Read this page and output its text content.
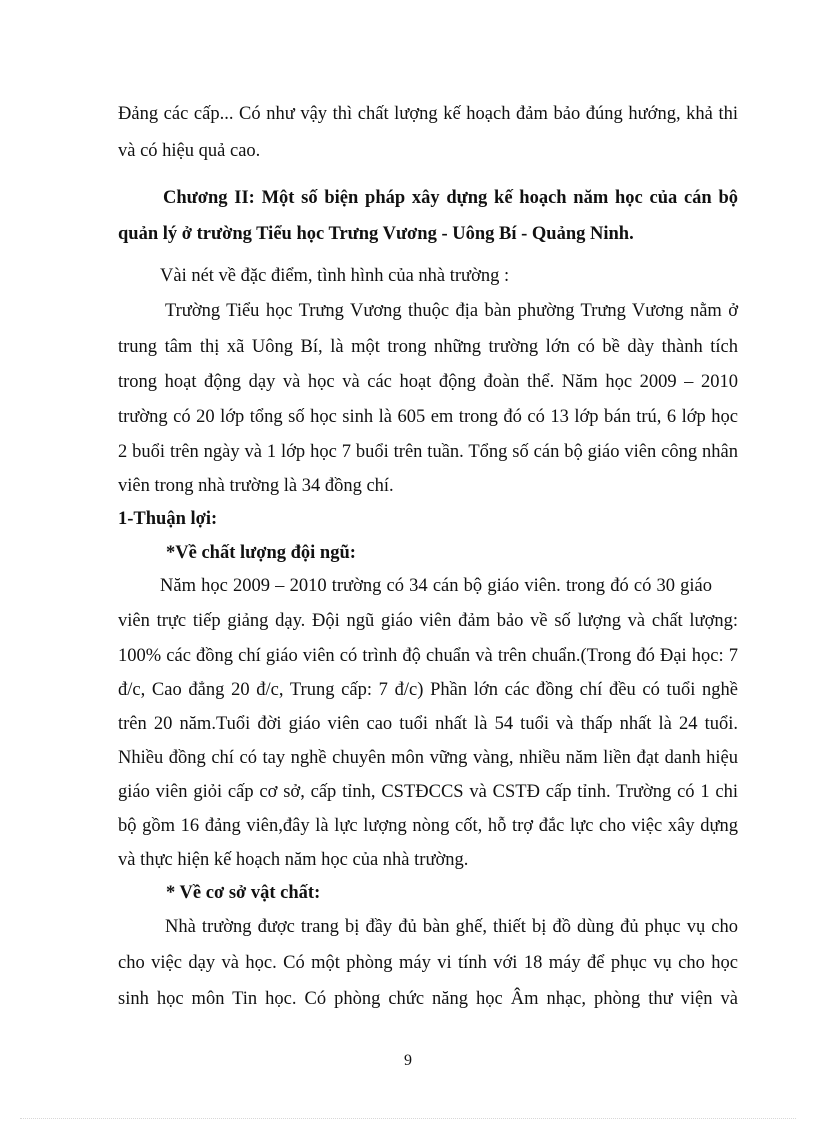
Đảng các cấp... Có như vậy thì chất lượng kế hoạch đảm bảo đúng hướng, khả thi
và có hiệu quả cao.
Chương II: Một số biện pháp xây dựng kế hoạch năm học của cán bộ
quản lý ở trường Tiểu học Trưng Vương - Uông Bí - Quảng Ninh.
Vài nét về đặc điểm, tình hình của nhà trường :
Trường Tiểu học Trưng Vương thuộc địa bàn phường Trưng Vương nằm ở
trung tâm thị xã Uông Bí, là một trong những trường lớn có bề dày thành tích
trong hoạt động dạy và học và các hoạt động đoàn thể. Năm học 2009 – 2010
trường có 20 lớp tổng số học sinh là 605 em trong đó có 13 lớp bán trú, 6 lớp học
2 buổi trên ngày và 1 lớp học 7 buổi trên tuần. Tổng số cán bộ giáo viên công nhân
viên trong nhà trường là 34 đồng chí.
1-Thuận lợi:
*Về chất lượng đội ngũ:
Năm học 2009 – 2010 trường có 34 cán bộ giáo viên. trong đó có 30 giáo
viên trực tiếp giảng dạy. Đội ngũ giáo viên đảm bảo về số lượng và chất lượng:
100% các đồng chí giáo viên có trình độ chuẩn và trên chuẩn.(Trong đó Đại học: 7
đ/c, Cao đẳng 20 đ/c, Trung cấp: 7 đ/c) Phần lớn các đồng chí đều có tuổi nghề
trên 20 năm.Tuổi đời giáo viên cao tuổi nhất là 54 tuổi và thấp nhất là 24 tuổi.
Nhiều đồng chí có tay nghề chuyên môn vững vàng, nhiều năm liền đạt danh hiệu
giáo viên giỏi cấp cơ sở, cấp tỉnh, CSTĐCCS và CSTĐ cấp tỉnh. Trường có 1 chi
bộ gồm 16 đảng viên,đây là lực lượng nòng cốt, hỗ trợ đắc lực cho việc xây dựng
và thực hiện kế hoạch năm học của nhà trường.
* Về cơ sở vật chất:
Nhà trường được trang bị đầy đủ bàn ghế, thiết bị đồ dùng đủ phục vụ cho
cho việc dạy và học. Có một phòng máy vi tính với 18 máy để phục vụ cho học
sinh học môn Tin học. Có phòng chức năng học Âm nhạc, phòng thư viện và
9
